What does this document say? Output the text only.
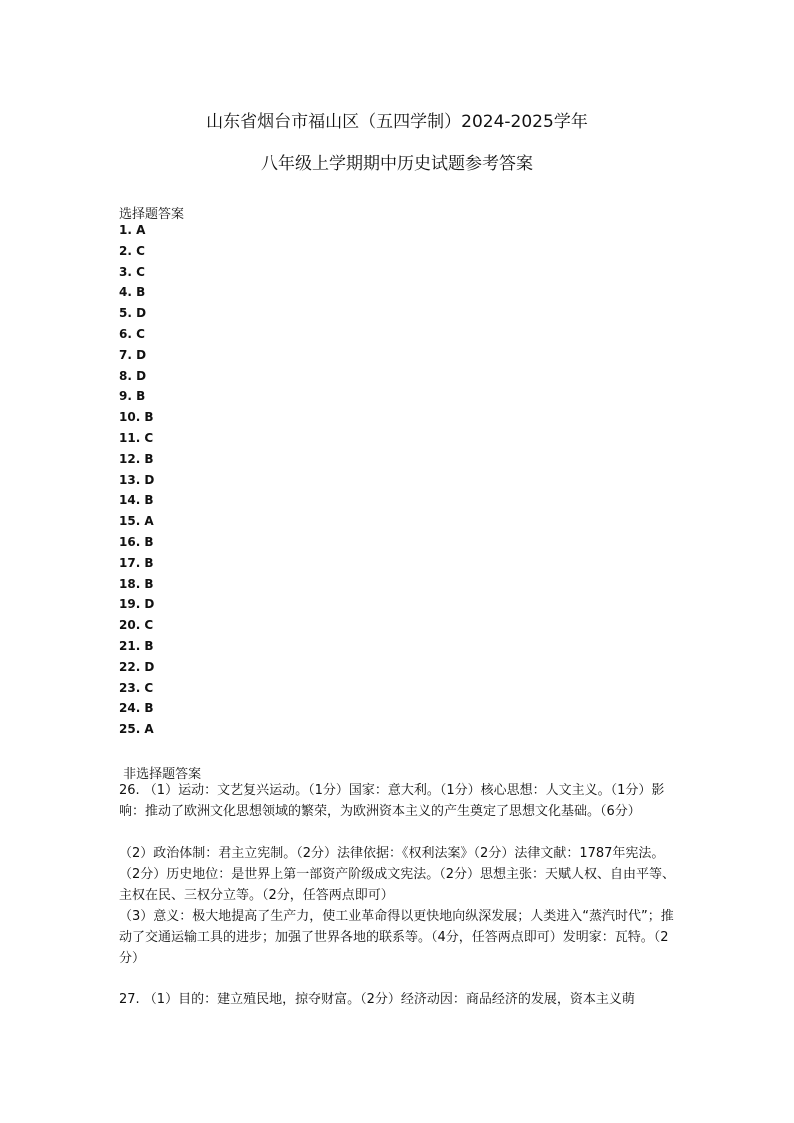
山东省烟台市福山区（五四学制）2024-2025学年
八年级上学期期中历史试题参考答案
选择题答案
1. A
2. C
3. C
4. B
5. D
6. C
7. D
8. D
9. B
10. B
11. C
12. B
13. D
14. B
15. A
16. B
17. B
18. B
19. D
20. C
21. B
22. D
23. C
24. B
25. A
非选择题答案

26. （1）运动：文艺复兴运动。（1分）国家：意大利。（1分）核心思想：人文主义。（1分）影响：推动了欧洲文化思想领域的繁荣，为欧洲资本主义的产生奠定了思想文化基础。（6分）

（2）政治体制：君主立宪制。（2分）法律依据：《权利法案》（2分）法律文献：1787年宪法。（2分）历史地位：是世界上第一部资产阶级成文宪法。（2分）思想主张：天赋人权、自由平等、主权在民、三权分立等。（2分，任答两点即可）

（3）意义：极大地提高了生产力，使工业革命得以更快地向纵深发展；人类进入“蒸汽时代”；推动了交通运输工具的进步；加强了世界各地的联系等。（4分，任答两点即可）发明家：瓦特。（2分）

27. （1）目的：建立殖民地，掠夺财富。（2分）经济动因：商品经济的发展，资本主义萌
